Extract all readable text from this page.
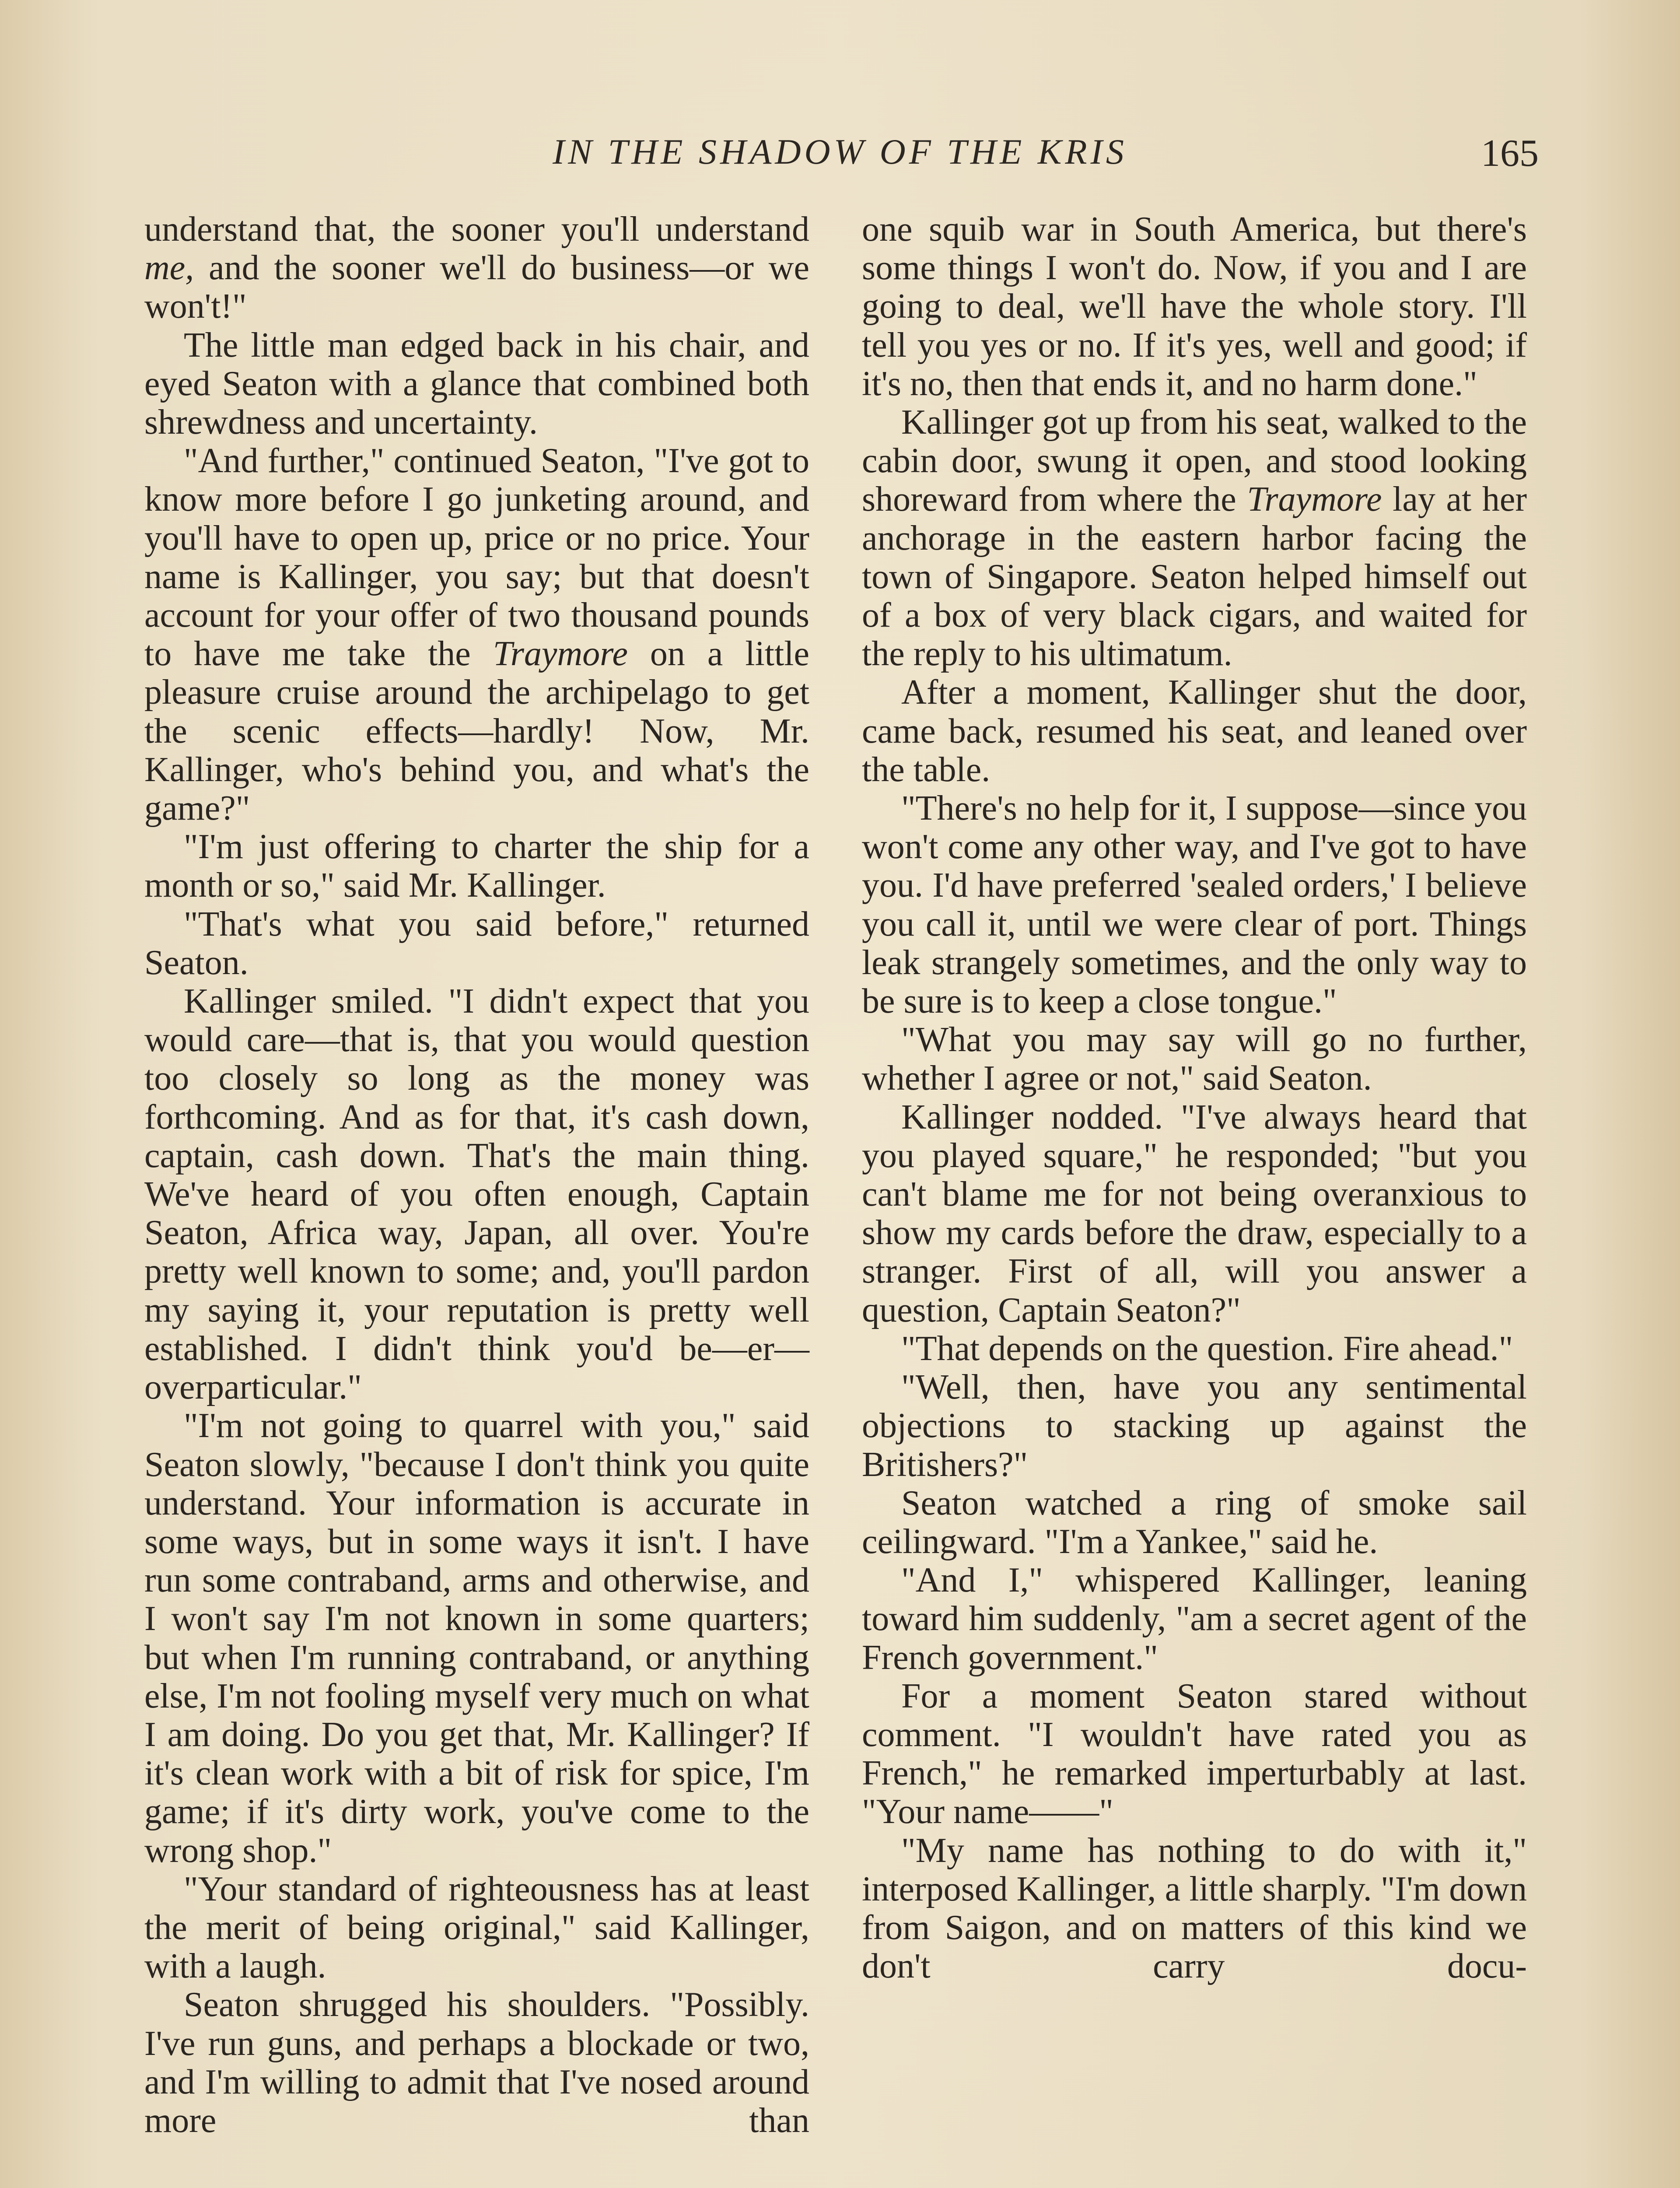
IN THE SHADOW OF THE KRIS	165

understand that, the sooner you'll understand me, and the sooner we'll do business—or we won't!"

The little man edged back in his chair, and eyed Seaton with a glance that combined both shrewdness and uncertainty.

"And further," continued Seaton, "I've got to know more before I go junketing around, and you'll have to open up, price or no price. Your name is Kallinger, you say; but that doesn't account for your offer of two thousand pounds to have me take the Traymore on a little pleasure cruise around the archipelago to get the scenic effects—hardly! Now, Mr. Kallinger, who's behind you, and what's the game?"

"I'm just offering to charter the ship for a month or so," said Mr. Kallinger.

"That's what you said before," returned Seaton.

Kallinger smiled. "I didn't expect that you would care—that is, that you would question too closely so long as the money was forthcoming. And as for that, it's cash down, captain, cash down. That's the main thing. We've heard of you often enough, Captain Seaton, Africa way, Japan, all over. You're pretty well known to some; and, you'll pardon my saying it, your reputation is pretty well established. I didn't think you'd be—er—overparticular."

"I'm not going to quarrel with you," said Seaton slowly, "because I don't think you quite understand. Your information is accurate in some ways, but in some ways it isn't. I have run some contraband, arms and otherwise, and I won't say I'm not known in some quarters; but when I'm running contraband, or anything else, I'm not fooling myself very much on what I am doing. Do you get that, Mr. Kallinger? If it's clean work with a bit of risk for spice, I'm game; if it's dirty work, you've come to the wrong shop."

"Your standard of righteousness has at least the merit of being original," said Kallinger, with a laugh.

Seaton shrugged his shoulders. "Possibly. I've run guns, and perhaps a blockade or two, and I'm willing to admit that I've nosed around more than

one squib war in South America, but there's some things I won't do. Now, if you and I are going to deal, we'll have the whole story. I'll tell you yes or no. If it's yes, well and good; if it's no, then that ends it, and no harm done."

Kallinger got up from his seat, walked to the cabin door, swung it open, and stood looking shoreward from where the Traymore lay at her anchorage in the eastern harbor facing the town of Singapore. Seaton helped himself out of a box of very black cigars, and waited for the reply to his ultimatum.

After a moment, Kallinger shut the door, came back, resumed his seat, and leaned over the table.

"There's no help for it, I suppose—since you won't come any other way, and I've got to have you. I'd have preferred 'sealed orders,' I believe you call it, until we were clear of port. Things leak strangely sometimes, and the only way to be sure is to keep a close tongue."

"What you may say will go no further, whether I agree or not," said Seaton.

Kallinger nodded. "I've always heard that you played square," he responded; "but you can't blame me for not being overanxious to show my cards before the draw, especially to a stranger. First of all, will you answer a question, Captain Seaton?"

"That depends on the question. Fire ahead."

"Well, then, have you any sentimental objections to stacking up against the Britishers?"

Seaton watched a ring of smoke sail ceilingward. "I'm a Yankee," said he.

"And I," whispered Kallinger, leaning toward him suddenly, "am a secret agent of the French government."

For a moment Seaton stared without comment. "I wouldn't have rated you as French," he remarked imperturbably at last. "Your name——"

"My name has nothing to do with it," interposed Kallinger, a little sharply. "I'm down from Saigon, and on matters of this kind we don't carry docu-
